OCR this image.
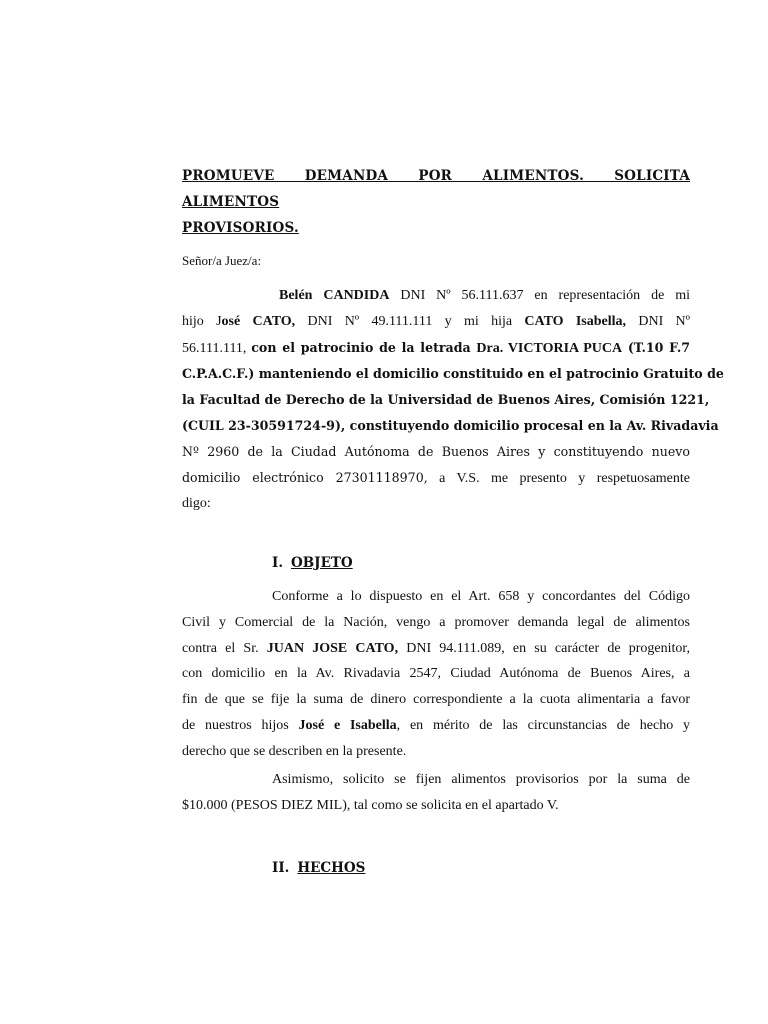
PROMUEVE DEMANDA POR ALIMENTOS. SOLICITA ALIMENTOS
PROVISORIOS.
Señor/a Juez/a:
Belén CANDIDA DNI Nº 56.111.637 en representación de mi
hijo José CATO, DNI Nº 49.111.111 y mi hija CATO Isabella, DNI Nº
56.111.111, con el patrocinio de la letrada Dra. VICTORIA PUCA (T.10 F.7
C.P.A.C.F.) manteniendo el domicilio constituido en el patrocinio Gratuito de
la Facultad de Derecho de la Universidad de Buenos Aires, Comisión 1221,
(CUIL 23-30591724-9), constituyendo domicilio procesal en la Av. Rivadavia
Nº 2960 de la Ciudad Autónoma de Buenos Aires y constituyendo nuevo
domicilio electrónico 27301118970, a V.S. me presento y respetuosamente
digo:
I. OBJETO
Conforme a lo dispuesto en el Art. 658 y concordantes del Código
Civil y Comercial de la Nación, vengo a promover demanda legal de alimentos
contra el Sr. JUAN JOSE CATO, DNI 94.111.089, en su carácter de progenitor,
con domicilio en la Av. Rivadavia 2547, Ciudad Autónoma de Buenos Aires, a
fin de que se fije la suma de dinero correspondiente a la cuota alimentaria a favor
de nuestros hijos José e Isabella, en mérito de las circunstancias de hecho y
derecho que se describen en la presente.
Asimismo, solicito se fijen alimentos provisorios por la suma de
$10.000 (PESOS DIEZ MIL), tal como se solicita en el apartado V.
II. HECHOS
